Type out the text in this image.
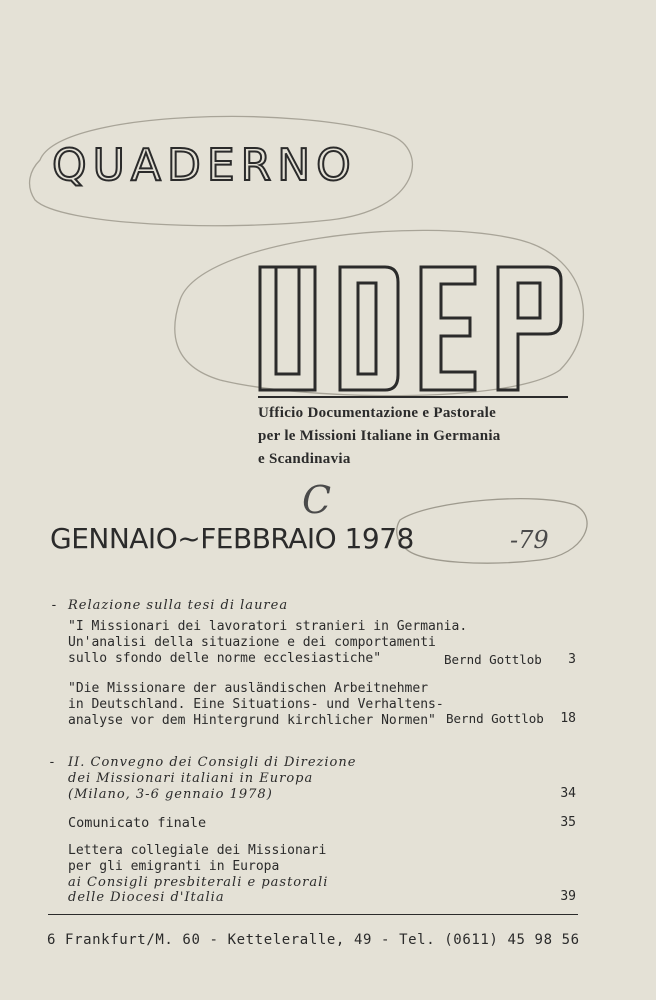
QUADERNO
Ufficio Documentazione e Pastorale
per le Missioni Italiane in Germania
e Scandinavia
C
GENNAIO~FEBBRAIO 1978	-79
- Relazione sulla tesi di laurea
"I Missionari dei lavoratori stranieri in Germania.
Un'analisi della situazione e dei comportamenti
sullo sfondo delle norme ecclesiastiche"	Bernd Gottlob	3
"Die Missionare der ausländischen Arbeitnehmer
in Deutschland. Eine Situations- und Verhaltens-
analyse vor dem Hintergrund kirchlicher Normen" Bernd Gottlob	18
- II. Convegno dei Consigli di Direzione
dei Missionari italiani in Europa
(Milano, 3-6 gennaio 1978)	34
Comunicato finale	35
Lettera collegiale dei Missionari
per gli emigranti in Europa
ai Consigli presbiterali e pastorali
delle Diocesi d'Italia	39
6 Frankfurt/M. 60 - Ketteleralle, 49 - Tel. (0611) 45 98 56
